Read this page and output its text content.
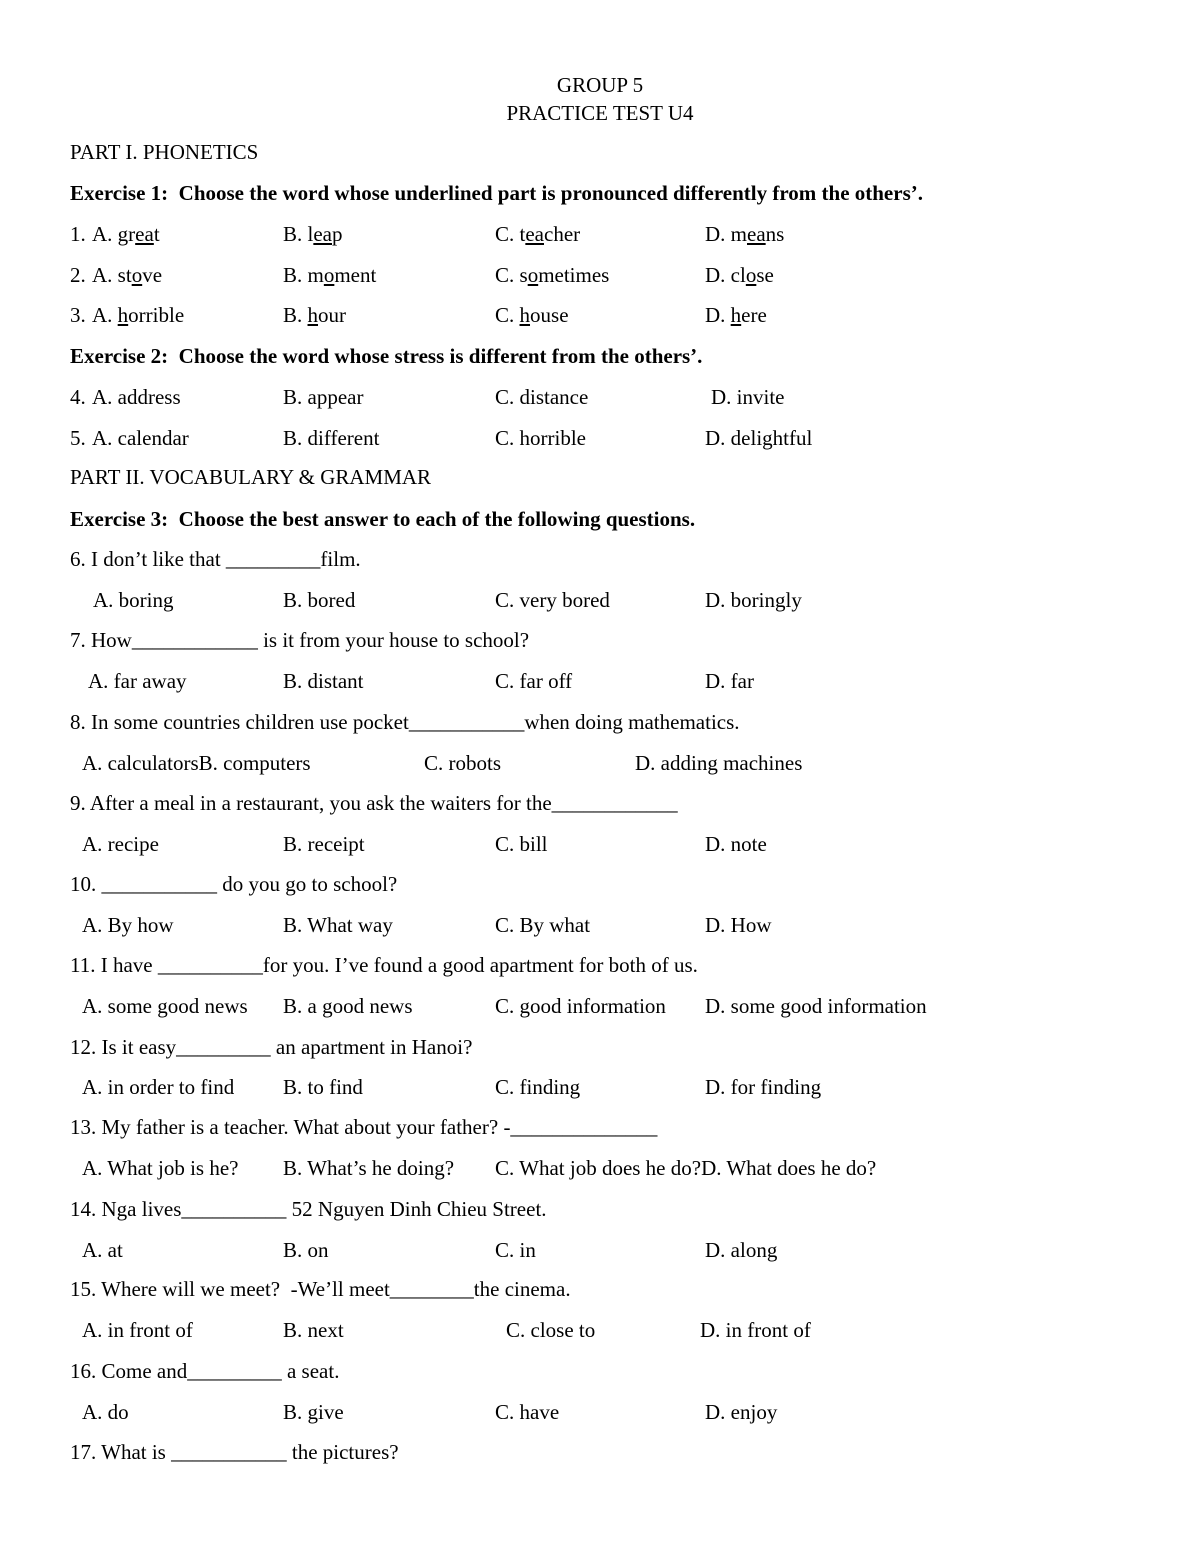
GROUP 5
PRACTICE TEST U4
PART I. PHONETICS
Exercise 1:  Choose the word whose underlined part is pronounced differently from the others’.

1.

A. great

	B. leap

	C. teacher

	D. means

2.

A. stove

	B. moment

	C. sometimes

	D. close

3.

A. horrible

	B. hour

	C. house

	D. here

Exercise 2:  Choose the word whose stress is different from the others’.

4.

A. address

	B. appear

	C. distance

	D. invite

5.

A. calendar

	B. different

	C. horrible

	D. delightful

PART II. VOCABULARY & GRAMMAR
Exercise 3:  Choose the best answer to each of the following questions.
6. I don’t like that _________film.

A. boring

	B. bored

	C. very bored

	D. boringly

7. How____________ is it from your house to school?

A. far away

	B. distant

	C. far off

	D. far

8. In some countries children use pocket___________when doing mathematics.

A. calculatorsB. computers

	C. robots

	D. adding machines

9. After a meal in a restaurant, you ask the waiters for the____________

A. recipe

	B. receipt

	C. bill

	D. note

10. ___________ do you go to school?

A. By how

	B. What way

	C. By what

	D. How

11. I have __________for you. I’ve found a good apartment for both of us.

A. some good news

B. a good news

	C. good information

D. some good information

12. Is it easy_________ an apartment in Hanoi?

A. in order to find

B. to find

	C. finding

	D. for finding

13. My father is a teacher. What about your father? -______________

A. What job is he?

B. What’s he doing?

C. What job does he do?D. What does he do?

14. Nga lives__________ 52 Nguyen Dinh Chieu Street.

A. at

	B. on

	C. in

	D. along

15. Where will we meet?  -We’ll meet________the cinema.

A. in front of

	B. next

	C. close to

	D. in front of

16. Come and_________ a seat.

A. do

	B. give

	C. have

	D. enjoy

17. What is ___________ the pictures?
